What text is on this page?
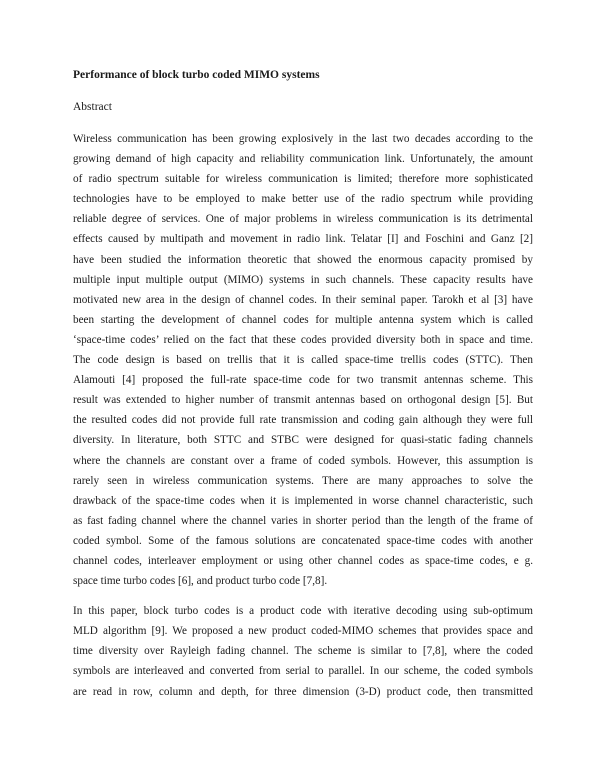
Performance of block turbo coded MIMO systems
Abstract
Wireless communication has been growing explosively in the last two decades according to the
growing demand of high capacity and reliability communication link. Unfortunately, the amount
of radio spectrum suitable for wireless communication is limited; therefore more sophisticated
technologies have to be employed to make better use of the radio spectrum while providing
reliable degree of services. One of major problems in wireless communication is its detrimental
effects caused by multipath and movement in radio link. Telatar [I] and Foschini and Ganz [2]
have been studied the information theoretic that showed the enormous capacity promised by
multiple input multiple output (MIMO) systems in such channels. These capacity results have
motivated new area in the design of channel codes. In their seminal paper. Tarokh et al [3] have
been starting the development of channel codes for multiple antenna system which is called
‘space-time codes’ relied on the fact that these codes provided diversity both in space and time.
The code design is based on trellis that it is called space-time trellis codes (STTC). Then
Alamouti [4] proposed the full-rate space-time code for two transmit antennas scheme. This
result was extended to higher number of transmit antennas based on orthogonal design [5]. But
the resulted codes did not provide full rate transmission and coding gain although they were full
diversity. In literature, both STTC and STBC were designed for quasi-static fading channels
where the channels are constant over a frame of coded symbols. However, this assumption is
rarely seen in wireless communication systems. There are many approaches to solve the
drawback of the space-time codes when it is implemented in worse channel characteristic, such
as fast fading channel where the channel varies in shorter period than the length of the frame of
coded symbol. Some of the famous solutions are concatenated space-time codes with another
channel codes, interleaver employment or using other channel codes as space-time codes, e g.
space time turbo codes [6], and product turbo code [7,8].
In this paper, block turbo codes is a product code with iterative decoding using sub-optimum
MLD algorithm [9]. We proposed a new product coded-MIMO schemes that provides space and
time diversity over Rayleigh fading channel. The scheme is similar to [7,8], where the coded
symbols are interleaved and converted from serial to parallel. In our scheme, the coded symbols
are read in row, column and depth, for three dimension (3-D) product code, then transmitted
